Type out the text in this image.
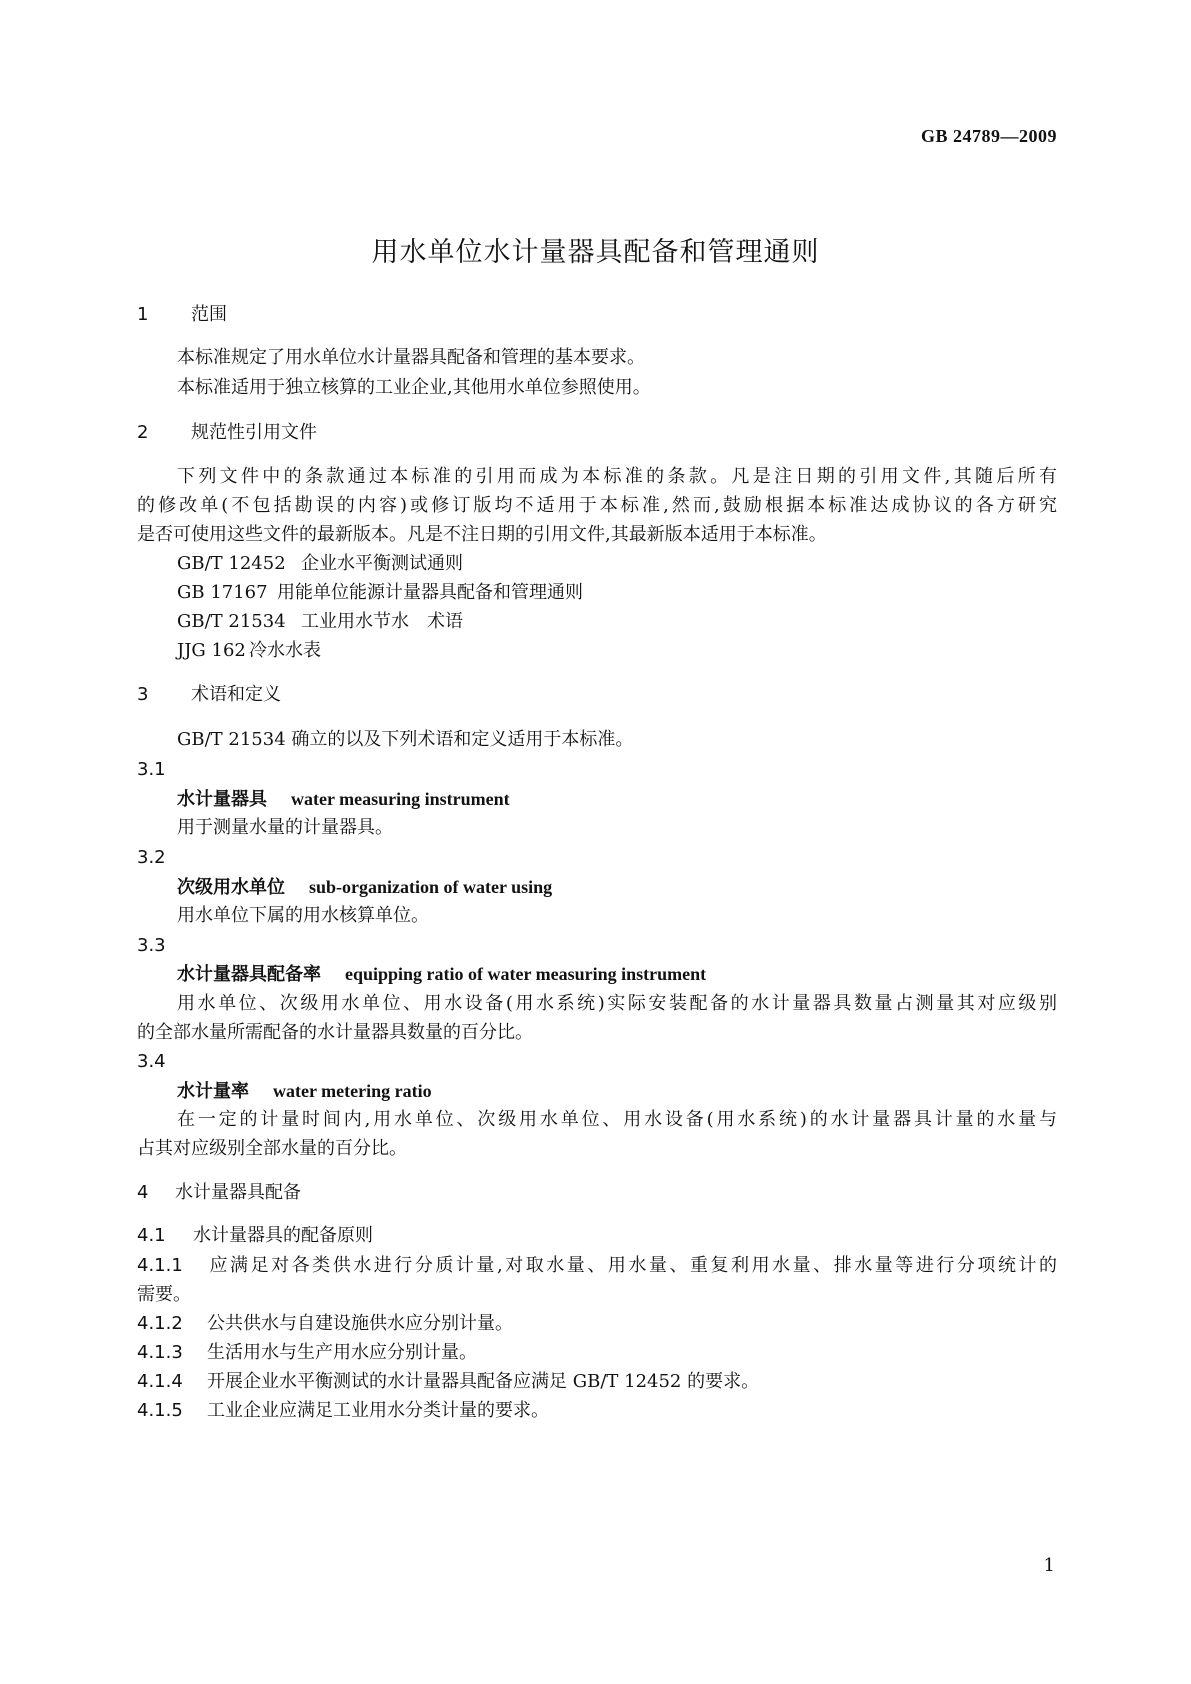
GB 24789—2009
用水单位水计量器具配备和管理通则
1 范围
本标准规定了用水单位水计量器具配备和管理的基本要求。
本标准适用于独立核算的工业企业,其他用水单位参照使用。
2 规范性引用文件
下列文件中的条款通过本标准的引用而成为本标准的条款。凡是注日期的引用文件,其随后所有
的修改单(不包括勘误的内容)或修订版均不适用于本标准,然而,鼓励根据本标准达成协议的各方研究
是否可使用这些文件的最新版本。凡是不注日期的引用文件,其最新版本适用于本标准。
GB/T 12452 企业水平衡测试通则
GB 17167 用能单位能源计量器具配备和管理通则
GB/T 21534 工业用水节水　术语
JJG 162 冷水水表
3 术语和定义
GB/T 21534 确立的以及下列术语和定义适用于本标准。
3.1
水计量器具 water measuring instrument
用于测量水量的计量器具。
3.2
次级用水单位 sub-organization of water using
用水单位下属的用水核算单位。
3.3
水计量器具配备率 equipping ratio of water measuring instrument
用水单位、次级用水单位、用水设备(用水系统)实际安装配备的水计量器具数量占测量其对应级别
的全部水量所需配备的水计量器具数量的百分比。
3.4
水计量率 water metering ratio
在一定的计量时间内,用水单位、次级用水单位、用水设备(用水系统)的水计量器具计量的水量与
占其对应级别全部水量的百分比。
4 水计量器具配备
4.1 水计量器具的配备原则
4.1.1 应满足对各类供水进行分质计量,对取水量、用水量、重复利用水量、排水量等进行分项统计的
需要。
4.1.2 公共供水与自建设施供水应分别计量。
4.1.3 生活用水与生产用水应分别计量。
4.1.4 开展企业水平衡测试的水计量器具配备应满足 GB/T 12452 的要求。
4.1.5 工业企业应满足工业用水分类计量的要求。
1
